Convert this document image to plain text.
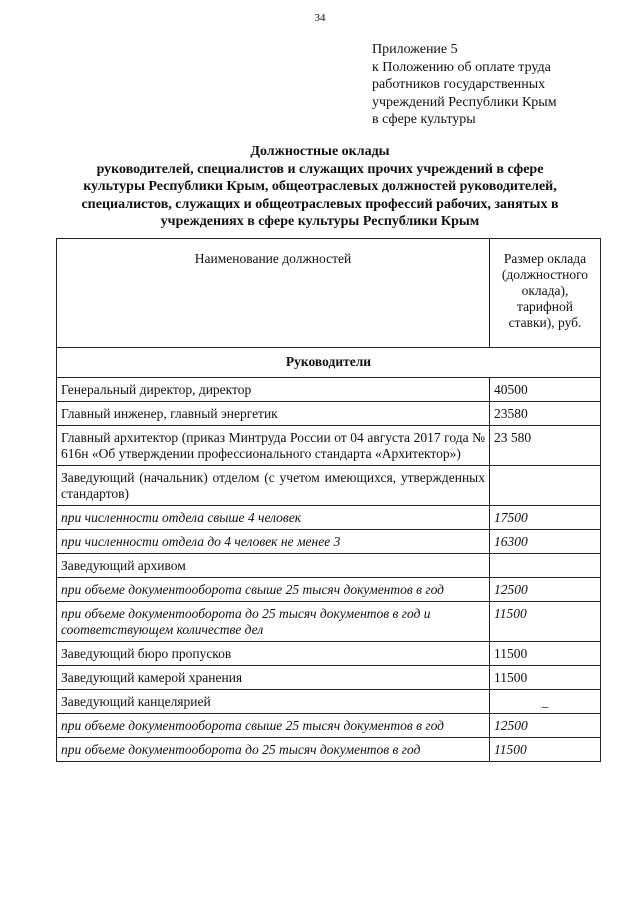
34
Приложение 5
к Положению об оплате труда
работников государственных
учреждений Республики Крым
в сфере культуры
Должностные оклады
руководителей, специалистов и служащих прочих учреждений в сфере
культуры Республики Крым, общеотраслевых должностей руководителей,
специалистов, служащих и общеотраслевых профессий рабочих, занятых в
учреждениях в сфере культуры Республики Крым
Наименование должностей	Размер оклада (должностного оклада), тарифной ставки), руб.
Руководители	
Генеральный директор, директор	40500
Главный инженер, главный энергетик	23580
Главный архитектор (приказ Минтруда России от 04 августа 2017 года № 616н «Об утверждении профессионального стандарта «Архитектор»)	23 580
Заведующий (начальник) отделом (с учетом имеющихся, утвержденных стандартов)	
при численности отдела свыше 4 человек	17500
при численности отдела до 4 человек не менее 3	16300
Заведующий архивом	
при объеме документооборота свыше 25 тысяч документов в год	12500
при объеме документооборота до 25 тысяч документов в год и соответствующем количестве дел	11500
Заведующий бюро пропусков	11500
Заведующий камерой хранения	11500
Заведующий канцелярией	_
при объеме документооборота свыше 25 тысяч документов в год	12500
при объеме документооборота до 25 тысяч документов в год	11500
